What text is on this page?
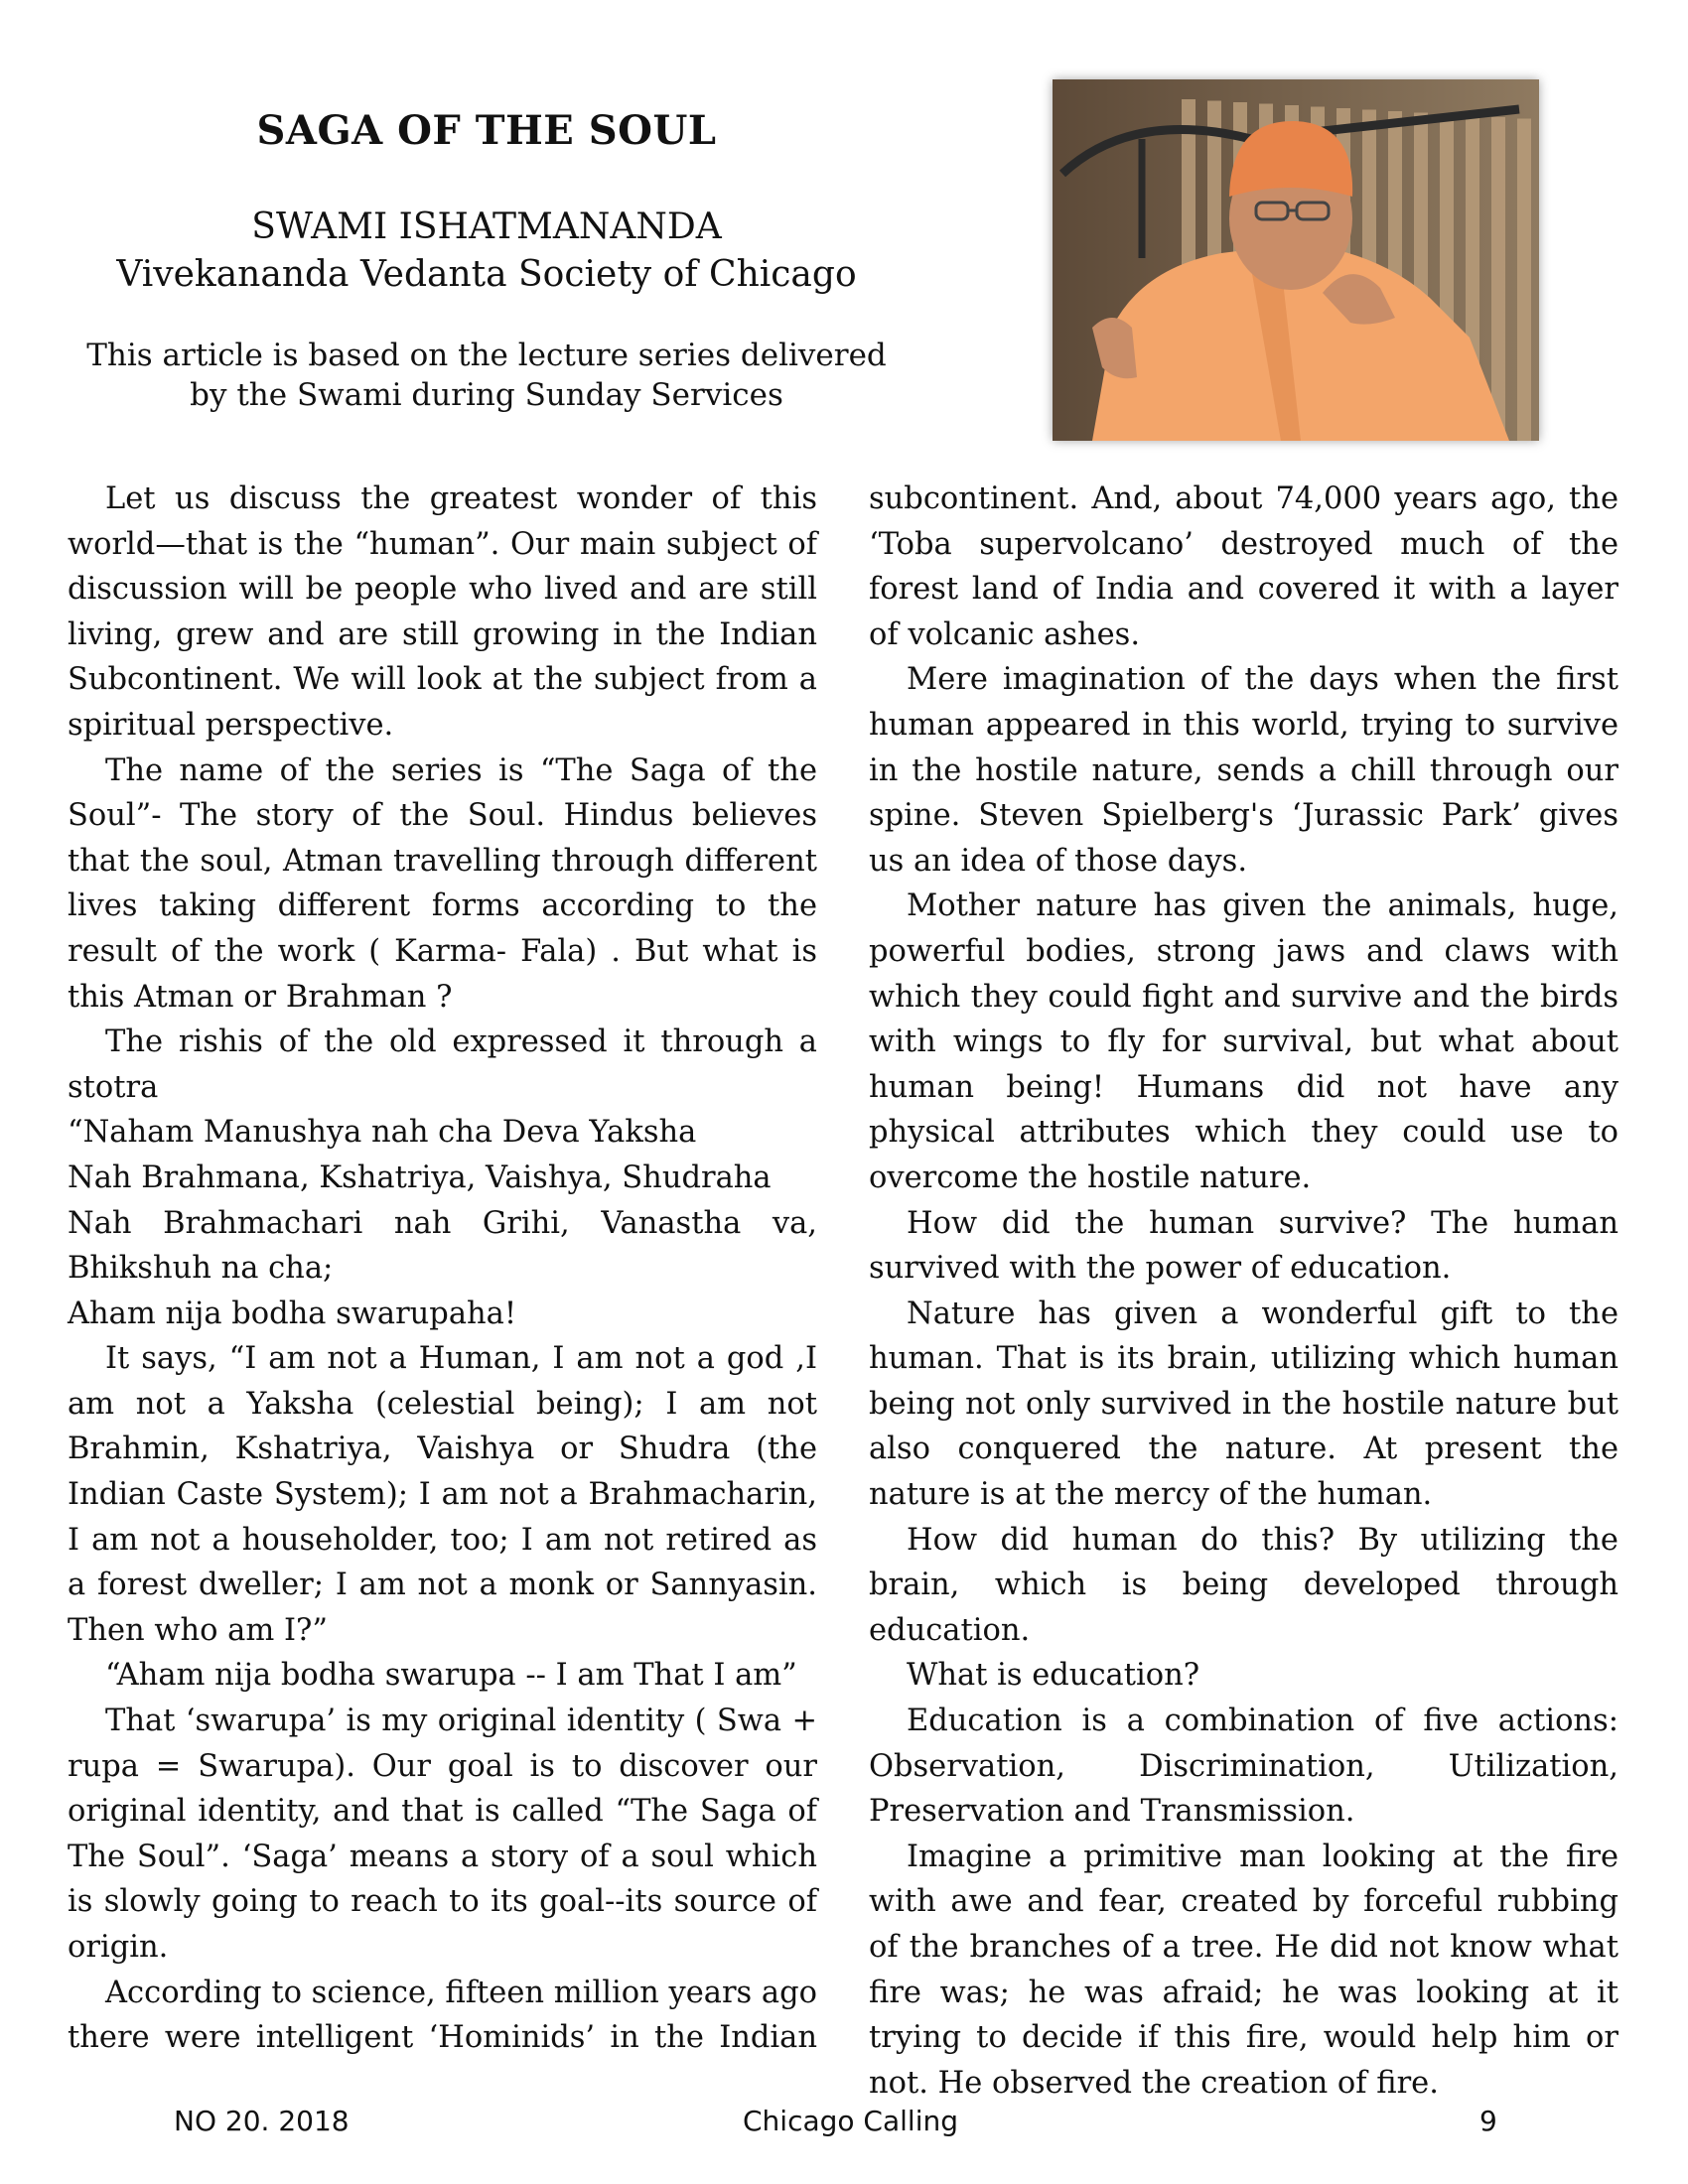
SAGA OF THE SOUL
SWAMI ISHATMANANDA
Vivekananda Vedanta Society of Chicago
This article is based on the lecture series delivered
by the Swami during Sunday Services

Let us discuss the greatest wonder of this world—that is the “human”. Our main subject of discussion will be people who lived and are still living, grew and are still growing in the Indian Subcontinent. We will look at the subject from a spiritual perspective.

The name of the series is “The Saga of the Soul”- The story of the Soul. Hindus believes that the soul, Atman travelling through different lives taking different forms according to the result of the work ( Karma- Fala) . But what is this Atman or Brahman ?

The rishis of the old expressed it through a stotra

“Naham Manushya nah cha Deva Yaksha

Nah Brahmana, Kshatriya, Vaishya, Shudraha

Nah Brahmachari nah Grihi, Vanastha va,

Bhikshuh na cha;

Aham nija bodha swarupaha!

It says, “I am not a Human, I am not a god ,I am not a Yaksha (celestial being); I am not Brahmin, Kshatriya, Vaishya or Shudra (the Indian Caste System); I am not a Brahmacharin, I am not a householder, too; I am not retired as a forest dweller; I am not a monk or Sannyasin. Then who am I?”

“Aham nija bodha swarupa -- I am That I am”

That ‘swarupa’ is my original identity ( Swa + rupa = Swarupa). Our goal is to discover our original identity, and that is called “The Saga of The Soul”. ‘Saga’ means a story of a soul which is slowly going to reach to its goal--its source of origin.

According to science, fifteen million years ago there were intelligent ‘Hominids’ in the Indian

subcontinent. And, about 74,000 years ago, the ‘Toba supervolcano’ destroyed much of the forest land of India and covered it with a layer of volcanic ashes.

Mere imagination of the days when the first human appeared in this world, trying to survive in the hostile nature, sends a chill through our spine. Steven Spielberg's ‘Jurassic Park’ gives us an idea of those days.

Mother nature has given the animals, huge, powerful bodies, strong jaws and claws with which they could fight and survive and the birds with wings to fly for survival, but what about human being! Humans did not have any physical attributes which they could use to overcome the hostile nature.

How did the human survive? The human survived with the power of education.

Nature has given a wonderful gift to the human. That is its brain, utilizing which human being not only survived in the hostile nature but also conquered the nature. At present the nature is at the mercy of the human.

How did human do this? By utilizing the brain, which is being developed through education.

What is education?

Education is a combination of five actions: Observation, Discrimination, Utilization, Preservation and Transmission.

Imagine a primitive man looking at the fire with awe and fear, created by forceful rubbing of the branches of a tree. He did not know what fire was; he was afraid; he was looking at it trying to decide if this fire, would help him or not. He observed the creation of fire.

NO 20. 2018	Chicago Calling	9
